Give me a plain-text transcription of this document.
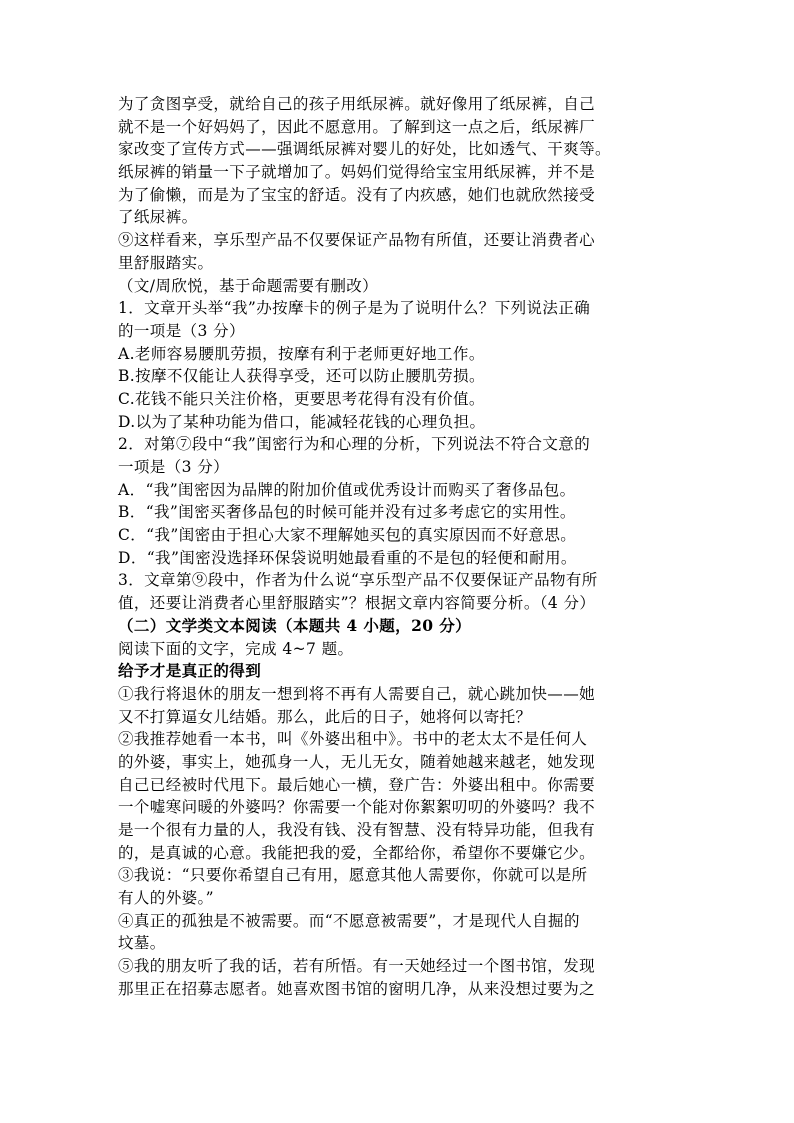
为了贪图享受，就给自己的孩子用纸尿裤。就好像用了纸尿裤，自己
就不是一个好妈妈了，因此不愿意用。了解到这一点之后，纸尿裤厂
家改变了宣传方式——强调纸尿裤对婴儿的好处，比如透气、干爽等。
纸尿裤的销量一下子就增加了。妈妈们觉得给宝宝用纸尿裤，并不是
为了偷懒，而是为了宝宝的舒适。没有了内疚感，她们也就欣然接受
了纸尿裤。
⑨这样看来，享乐型产品不仅要保证产品物有所值，还要让消费者心
里舒服踏实。
（文/周欣悦，基于命题需要有删改）
1．文章开头举“我”办按摩卡的例子是为了说明什么？下列说法正确
的一项是（3 分）
A.老师容易腰肌劳损，按摩有利于老师更好地工作。
B.按摩不仅能让人获得享受，还可以防止腰肌劳损。
C.花钱不能只关注价格，更要思考花得有没有价值。
D.以为了某种功能为借口，能减轻花钱的心理负担。
2．对第⑦段中“我”闺密行为和心理的分析，下列说法不符合文意的
一项是（3 分）
A．“我”闺密因为品牌的附加价值或优秀设计而购买了奢侈品包。
B．“我”闺密买奢侈品包的时候可能并没有过多考虑它的实用性。
C．“我”闺密由于担心大家不理解她买包的真实原因而不好意思。
D．“我”闺密没选择环保袋说明她最看重的不是包的轻便和耐用。
3．文章第⑨段中，作者为什么说“享乐型产品不仅要保证产品物有所
值，还要让消费者心里舒服踏实”？根据文章内容简要分析。（4 分）
（二）文学类文本阅读（本题共 4 小题，20 分）
阅读下面的文字，完成 4~7 题。
给予才是真正的得到
①我行将退休的朋友一想到将不再有人需要自己，就心跳加快——她
又不打算逼女儿结婚。那么，此后的日子，她将何以寄托？
②我推荐她看一本书，叫《外婆出租中》。书中的老太太不是任何人
的外婆，事实上，她孤身一人，无儿无女，随着她越来越老，她发现
自己已经被时代甩下。最后她心一横，登广告：外婆出租中。你需要
一个嘘寒问暖的外婆吗？你需要一个能对你絮絮叨叨的外婆吗？我不
是一个很有力量的人，我没有钱、没有智慧、没有特异功能，但我有
的，是真诚的心意。我能把我的爱，全都给你，希望你不要嫌它少。
③我说：“只要你希望自己有用，愿意其他人需要你，你就可以是所
有人的外婆。”
④真正的孤独是不被需要。而“不愿意被需要”，才是现代人自掘的
坟墓。
⑤我的朋友听了我的话，若有所悟。有一天她经过一个图书馆，发现
那里正在招募志愿者。她喜欢图书馆的窗明几净，从来没想过要为之
